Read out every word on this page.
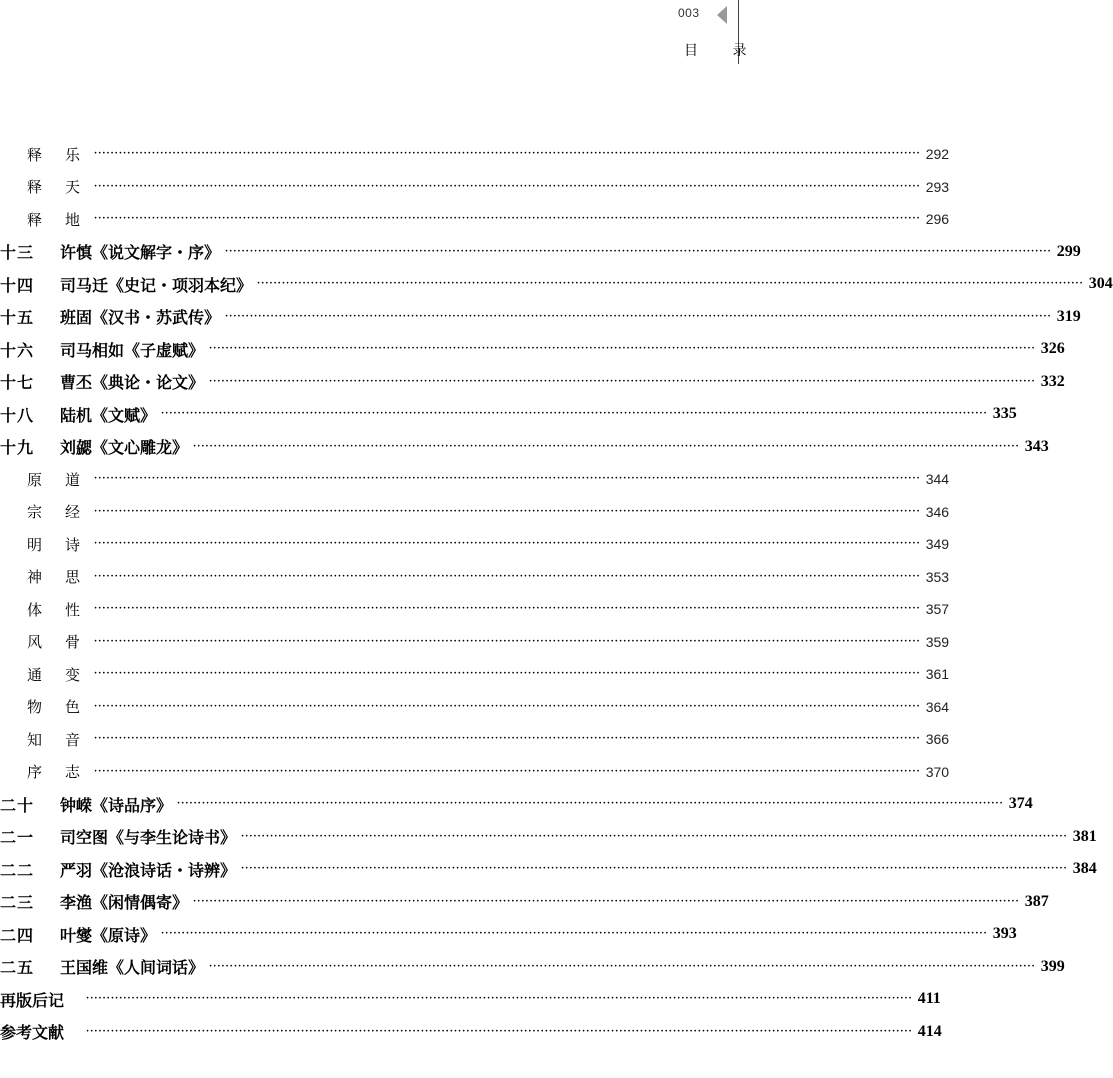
003
目 录
释乐
········································································································································································································ 292
释天
········································································································································································································ 293
释地
········································································································································································································ 296
十三 许慎《说文解字・序》 ········································································································································································································ 299
十四 司马迁《史记・项羽本纪》 ········································································································································································································ 304
十五 班固《汉书・苏武传》 ········································································································································································································ 319
十六 司马相如《子虚赋》 ········································································································································································································ 326
十七 曹丕《典论・论文》 ········································································································································································································ 332
十八 陆机《文赋》 ········································································································································································································ 335
十九 刘勰《文心雕龙》 ········································································································································································································ 343
原道
········································································································································································································ 344
宗经
········································································································································································································ 346
明诗
········································································································································································································ 349
神思
········································································································································································································ 353
体性
········································································································································································································ 357
风骨
········································································································································································································ 359
通变
········································································································································································································ 361
物色
········································································································································································································ 364
知音
········································································································································································································ 366
序志
········································································································································································································ 370
二十 钟嵘《诗品序》 ········································································································································································································ 374
二一 司空图《与李生论诗书》 ········································································································································································································ 381
二二 严羽《沧浪诗话・诗辨》 ········································································································································································································ 384
二三 李渔《闲情偶寄》 ········································································································································································································ 387
二四 叶燮《原诗》 ········································································································································································································ 393
二五 王国维《人间词话》 ········································································································································································································ 399
再版后记 ········································································································································································································ 411
参考文献 ········································································································································································································ 414
